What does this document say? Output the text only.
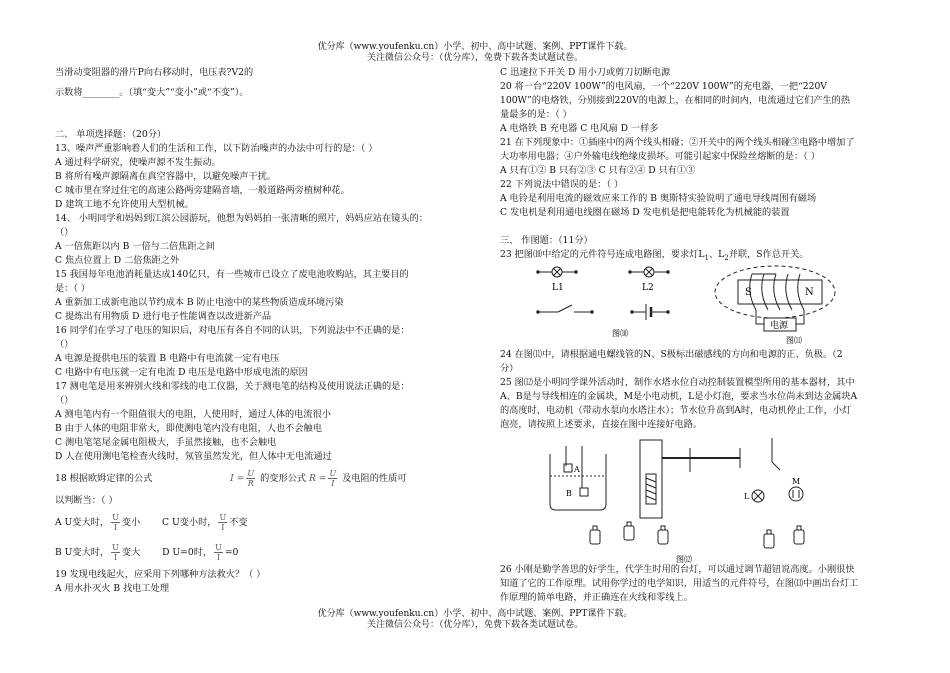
优分库（www.youfenku.cn）小学、初中、高中试题、案例、PPT课件下载。
关注微信公众号：（优分库），免费下载各类试题试卷。
当滑动变阻器的滑片P向右移动时，电压表?V2的
示数将________。（填“变大”“变小”或“不变”）。
二、 单项选择题：（20分）
13、噪声严重影响着人们的生活和工作，以下防治噪声的办法中可行的是：（ ）
A 通过科学研究，使噪声源不发生振动。
B 将所有噪声源隔离在真空容器中，以避免噪声干扰。
C 城市里在穿过住宅的高速公路两旁建隔音墙，一般道路两旁植树种花。
D 建筑工地不允许使用大型机械。
14、 小明同学和妈妈到江滨公园游玩，他想为妈妈拍一张清晰的照片，妈妈应站在镜头的：
（）
A 一倍焦距以内 B 一倍与二倍焦距之间
C 焦点位置上 D 二倍焦距之外
15 我国每年电池消耗量达成140亿只，有一些城市已设立了废电池收购站，其主要目的
是：（ ）
A 重新加工成新电池以节约成本 B 防止电池中的某些物质造成环境污染
C 提炼出有用物质 D 进行电子性能调查以改进新产品
16 同学们在学习了电压的知识后，对电压有各自不同的认识，下列说法中不正确的是：
（）
A 电源是提供电压的装置 B 电路中有电流就一定有电压
C 电路中有电压就一定有电流 D 电压是电路中形成电流的原因
17 测电笔是用来辨别火线和零线的电工仪器，关于测电笔的结构及使用说法正确的是：
（）
A 测电笔内有一个阻值很大的电阻，人使用时，通过人体的电流很小
B 由于人体的电阻非常大，即使测电笔内没有电阻，人也不会触电
C 测电笔笔尾金属电阻极大，手虽然接触，也不会触电
D 人在使用测电笔检查火线时，氖管虽然发光，但人体中无电流通过
18 根据欧姆定律的公式	$I = \frac{U}{R}$ 的变形公式 $R = \frac{U}{I}$ 及电阻的性质可
以判断当：（ ）
A U变大时， $\frac{U}{I}$ 变小 C U变小时， $\frac{U}{I}$ 不变
B U变大时， $\frac{U}{I}$ 变大 D U=0时， $\frac{U}{I} =0$
19 发现电线起火，应采用下列哪种方法救火？（ ）
A 用水扑灭火 B 找电工处理
C 迅速拉下开关 D 用小刀或剪刀切断电源
20 将一台“220V 100W”的电风扇，一个“220V 100W”的充电器，一把“220V
100W”的电烙铁，分别接到220V的电源上，在相同的时间内，电流通过它们产生的热
量最多的是：（ ）
A 电烙铁 B 充电器 C 电风扇 D 一样多
21 在下列现象中：①插座中的两个线头相碰；②开关中的两个线头相碰③电路中增加了
大功率用电器；④户外输电线绝缘皮损坏。可能引起家中保险丝熔断的是：（ ）
A 只有①② B 只有②③ C 只有②④ D 只有①③
22 下列说法中错误的是：（ ）
A 电铃是利用电流的磁效应来工作的 B 奥斯特实验说明了通电导线周围有磁场
C 发电机是利用通电线圈在磁场 D 发电机是把电能转化为机械能的装置
三、 作图题：（11分）
23 把图⑽中给定的元件符号连成电路图，要求灯$L_1$、$L_2$并联，S作总开关。
L1	L2	S	N
电源
图⑽
图⑾
24 在图⑾中，请根据通电螺线管的N、S极标出磁感线的方向和电源的正、负极。（2
分）
25 图⑿是小明同学课外活动时，制作水塔水位自动控制装置模型所用的基本器材，其中
A、B是与导线相连的金属块，M是小电动机，L是小灯泡，要求当水位尚未到达金属块A
的高度时，电动机（带动水泵向水塔注水）；节水位升高到A时，电动机停止工作，小灯
泡亮，请按照上述要求，直接在图中连接好电路。
A
B
M
L
图⑿
26 小刚是勤学善思的好学生，代学生时用的台灯，可以通过调节超钮说高度。小刚很快
知道了它的工作原理。试用你学过的电学知识，用适当的元件符号，在图⒀中画出台灯工
作原理的简单电路，并正确连在火线和零线上。
优分库（www.youfenku.cn）小学、初中、高中试题、案例、PPT课件下载。
关注微信公众号：（优分库），免费下载各类试题试卷。
